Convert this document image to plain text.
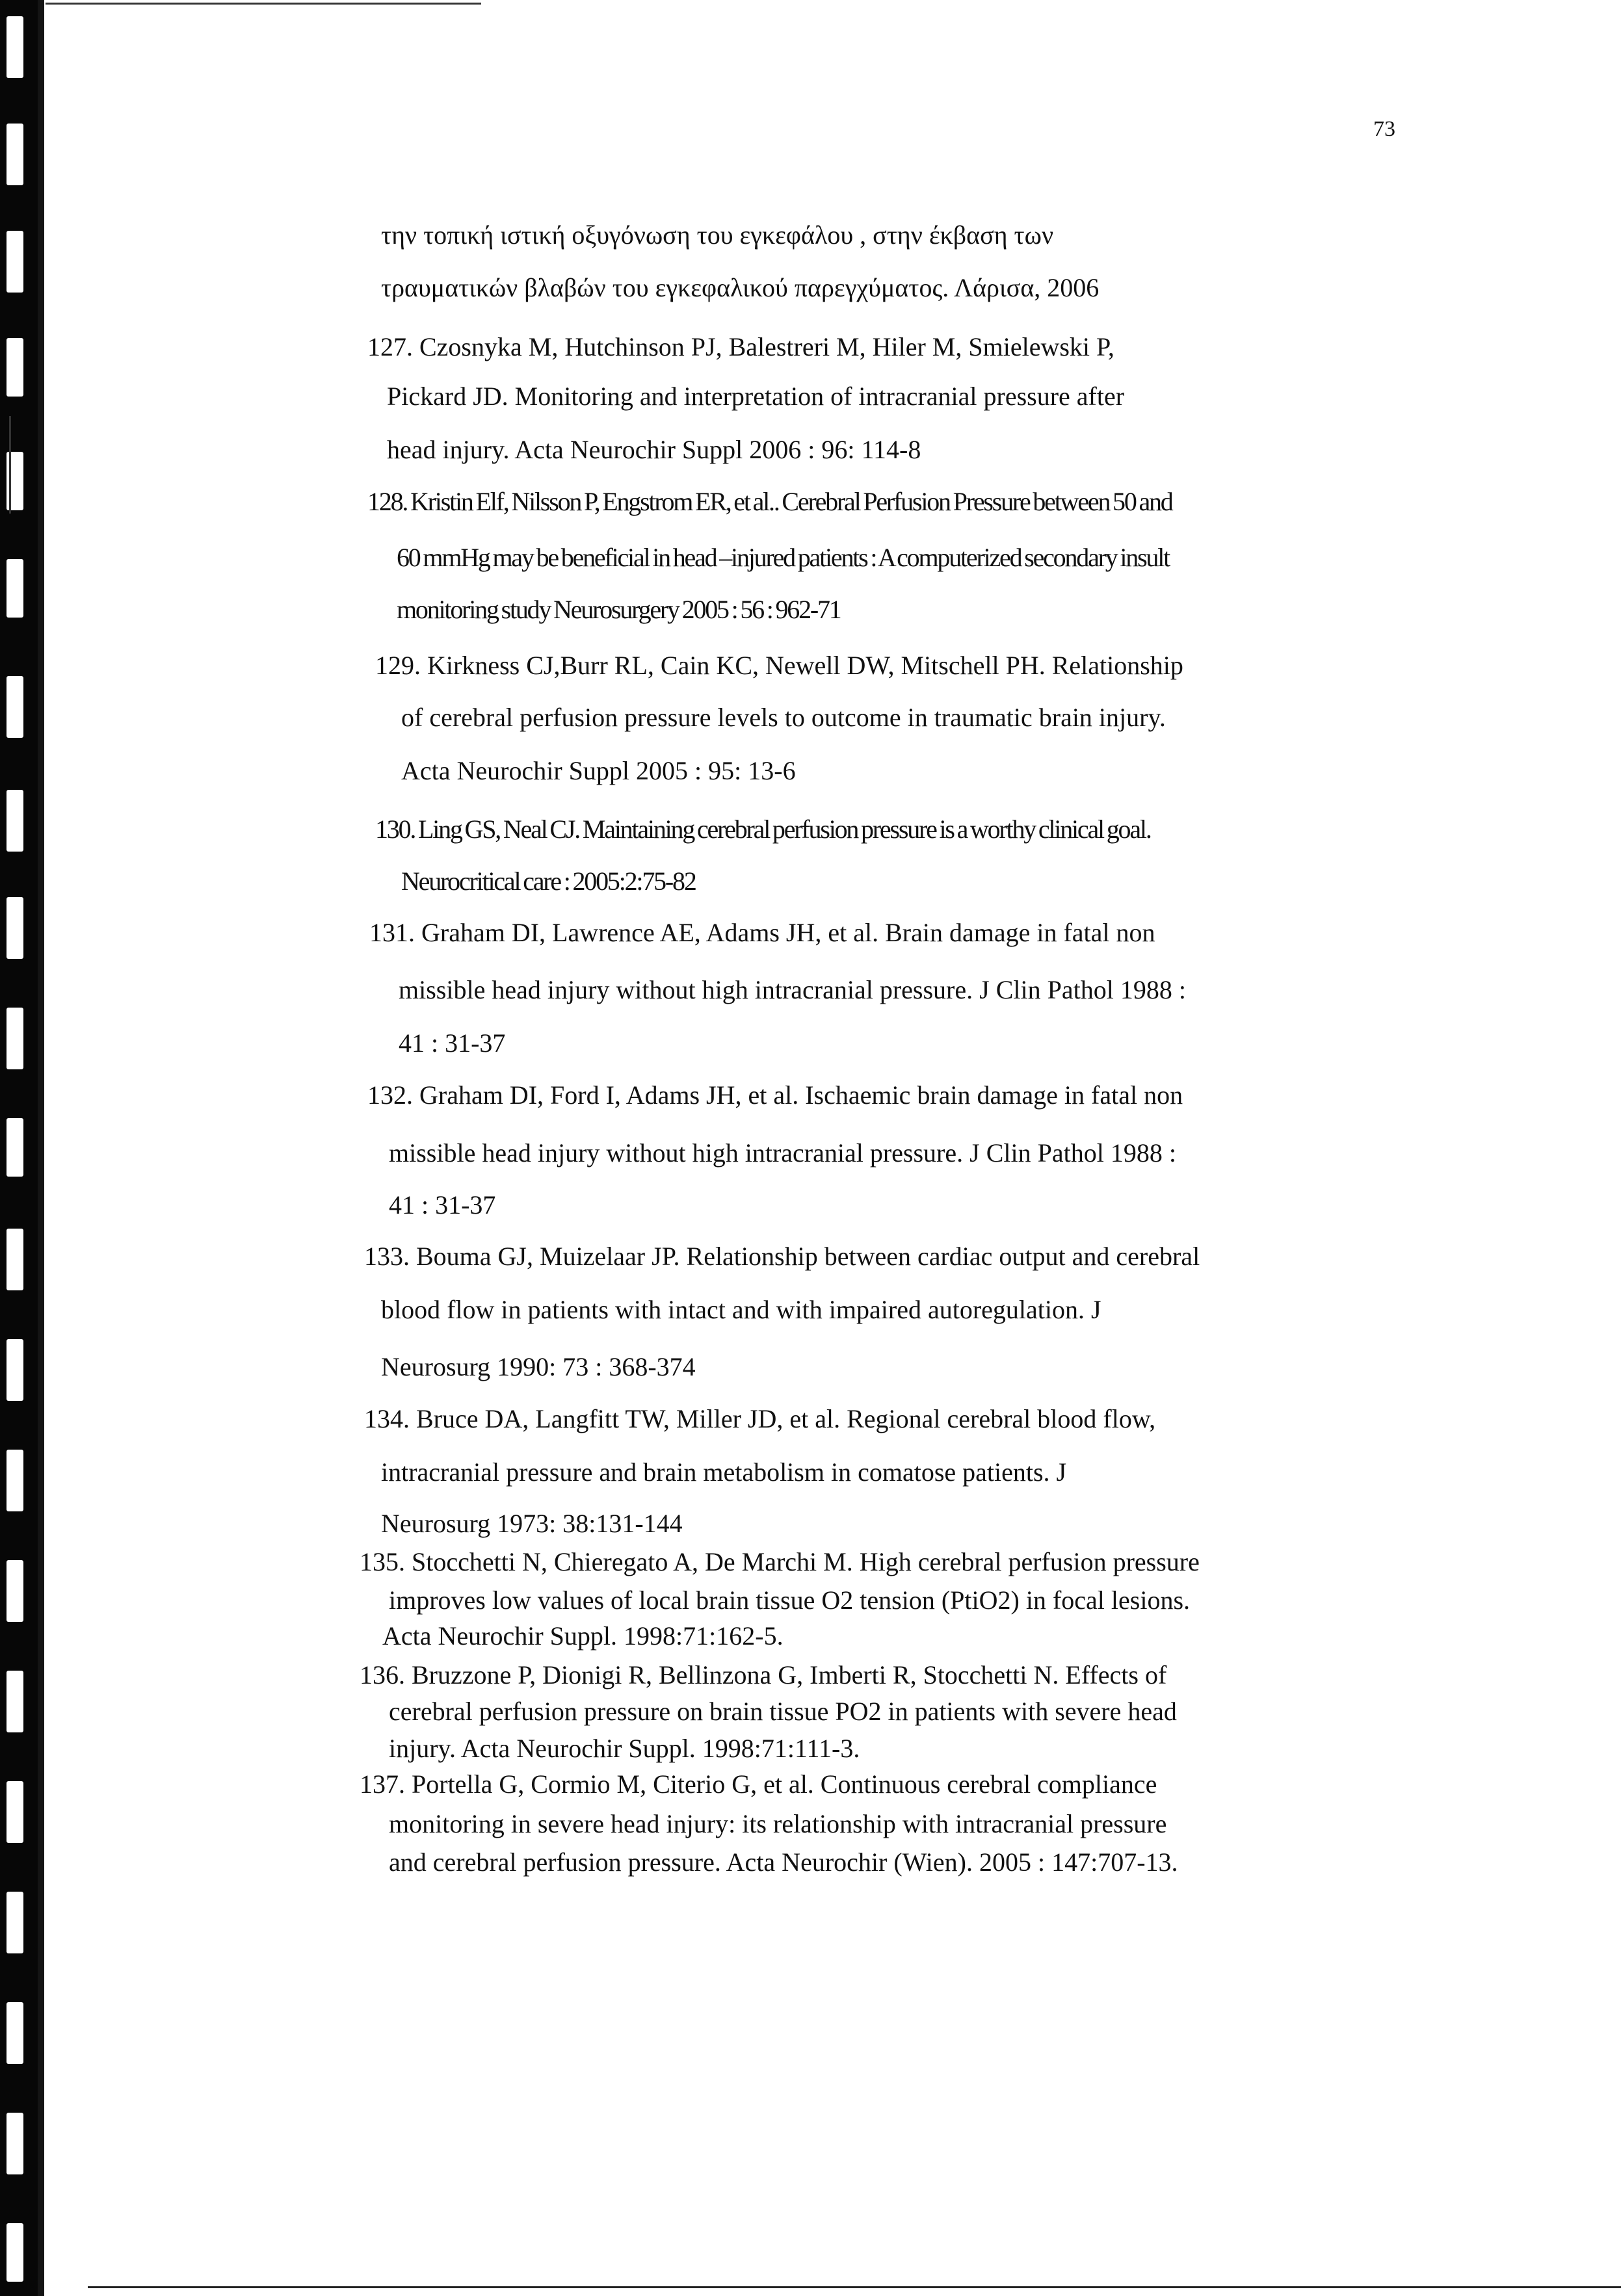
73
την τοπική ιστική οξυγόνωση του εγκεφάλου , στην έκβαση των
τραυματικών βλαβών του εγκεφαλικού παρεγχύματος. Λάρισα, 2006
127. Czosnyka M, Hutchinson PJ, Balestreri M, Hiler M, Smielewski P,
Pickard JD. Monitoring and interpretation of intracranial pressure after
head injury. Acta Neurochir Suppl 2006 : 96: 114-8
128. Kristin Elf, Nilsson P, Engstrom ER, et al.. Cerebral Perfusion Pressure between 50 and
60 mmHg may be beneficial in head –injured patients : A computerized secondary insult
monitoring study Neurosurgery 2005 : 56 : 962-71
129. Kirkness CJ,Burr RL, Cain KC, Newell DW, Mitschell PH. Relationship
of cerebral perfusion pressure levels to outcome in traumatic brain injury.
Acta Neurochir Suppl 2005 : 95: 13-6
130. Ling GS, Neal CJ. Maintaining cerebral perfusion pressure is a worthy clinical goal.
Neurocritical care : 2005:2:75-82
131. Graham DI, Lawrence AE, Adams JH, et al. Brain damage in fatal non
missible head injury without high intracranial pressure. J Clin Pathol 1988 :
41 : 31-37
132. Graham DI, Ford I, Adams JH, et al. Ischaemic brain damage in fatal non
missible head injury without high intracranial pressure. J Clin Pathol 1988 :
41 : 31-37
133. Bouma GJ, Muizelaar JP. Relationship between cardiac output and cerebral
blood flow in patients with intact and with impaired autoregulation. J
Neurosurg 1990: 73 : 368-374
134. Bruce DA, Langfitt TW, Miller JD, et al. Regional cerebral blood flow,
intracranial pressure and brain metabolism in comatose patients. J
Neurosurg 1973: 38:131-144
135. Stocchetti N, Chieregato A, De Marchi M. High cerebral perfusion pressure
improves low values of local brain tissue O2 tension (PtiO2) in focal lesions.
Acta Neurochir Suppl. 1998:71:162-5.
136. Bruzzone P, Dionigi R, Bellinzona G, Imberti R, Stocchetti N. Effects of
cerebral perfusion pressure on brain tissue PO2 in patients with severe head
injury. Acta Neurochir Suppl. 1998:71:111-3.
137. Portella G, Cormio M, Citerio G, et al. Continuous cerebral compliance
monitoring in severe head injury: its relationship with intracranial pressure
and cerebral perfusion pressure. Acta Neurochir (Wien). 2005 : 147:707-13.
